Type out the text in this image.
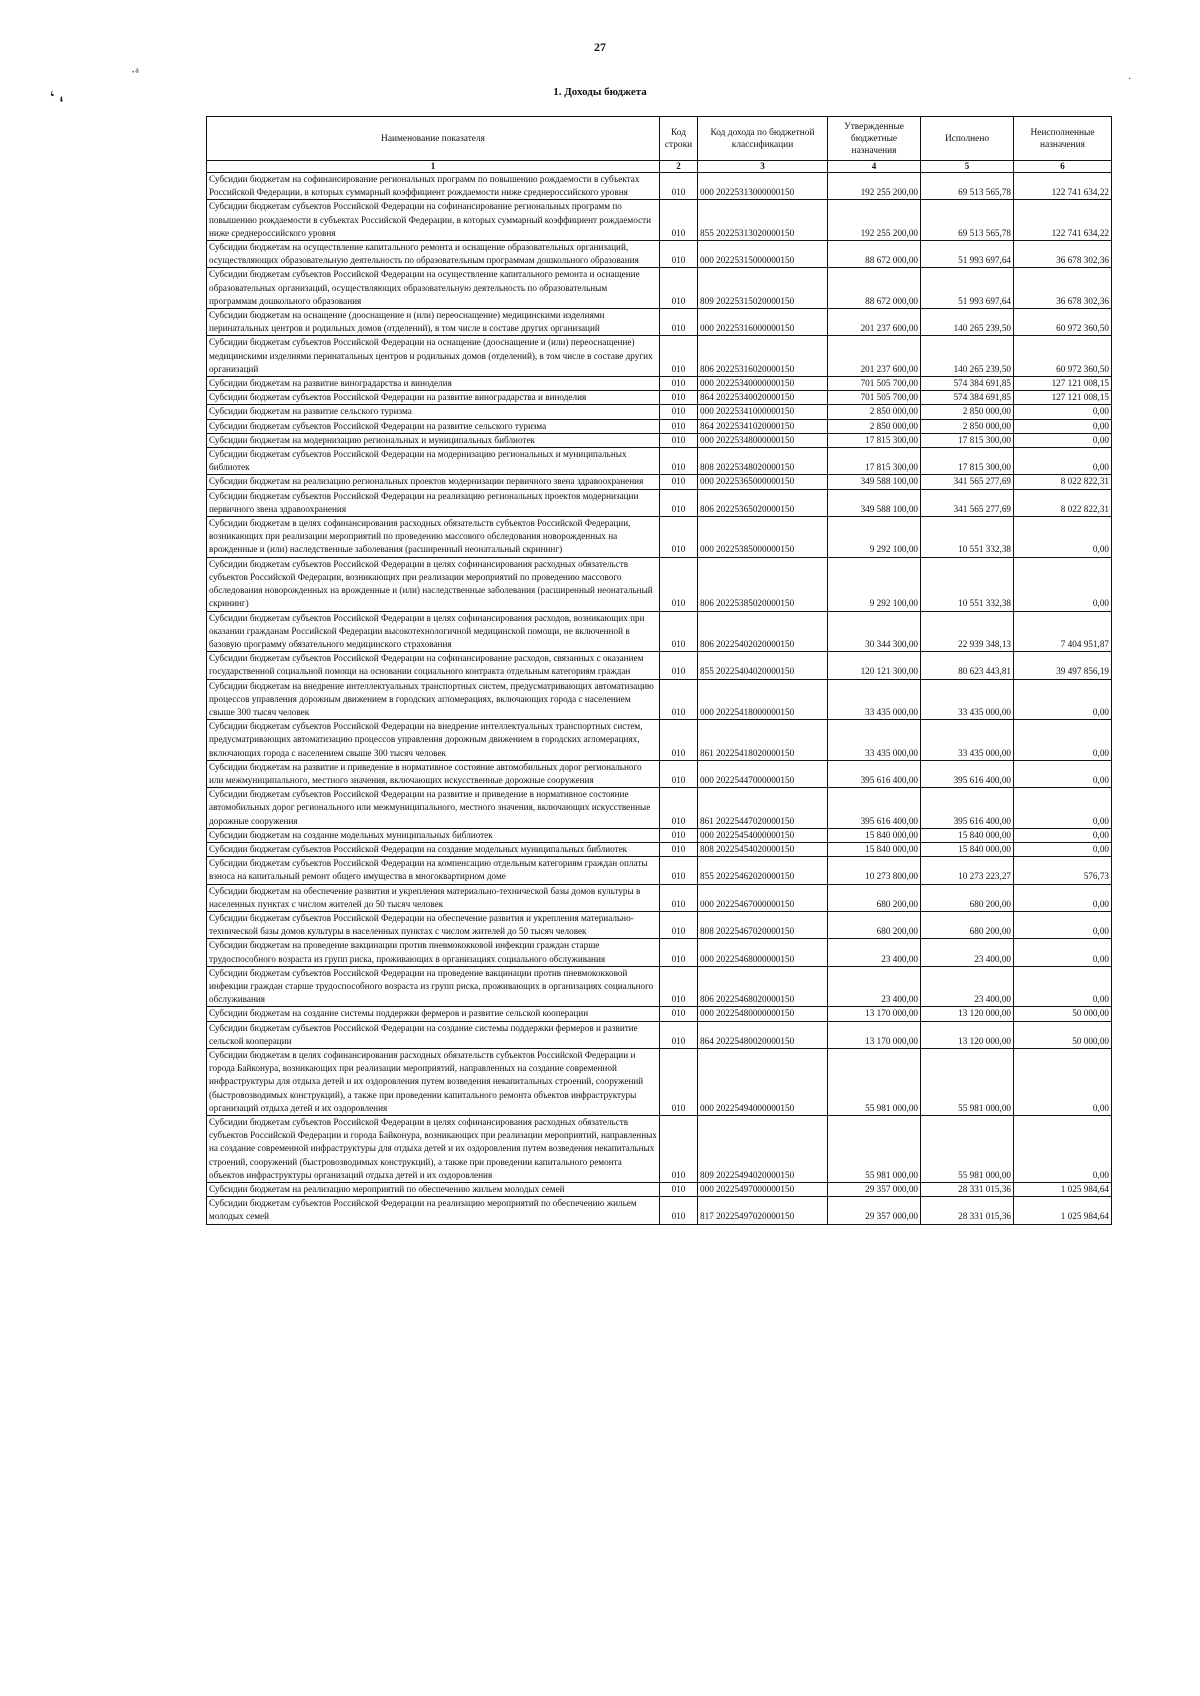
27
·ᵃ
ʻ،
·
1. Доходы бюджета
Наименование показателя	Код строки	Код дохода по бюджетной классификации	Утвержденные бюджетные назначения	Исполнено	Неисполненные назначения
1	2	3	4	5	6
Субсидии бюджетам на софинансирование региональных программ по повышению рождаемости в субъектах Российской Федерации, в которых суммарный коэффициент рождаемости ниже среднероссийского уровня	010	000 20225313000000150	192 255 200,00	69 513 565,78	122 741 634,22
Субсидии бюджетам субъектов Российской Федерации на софинансирование региональных программ по повышению рождаемости в субъектах Российской Федерации, в которых суммарный коэффициент рождаемости ниже среднероссийского уровня	010	855 20225313020000150	192 255 200,00	69 513 565,78	122 741 634,22
Субсидии бюджетам на осуществление капитального ремонта и оснащение образовательных организаций, осуществляющих образовательную деятельность по образовательным программам дошкольного образования	010	000 20225315000000150	88 672 000,00	51 993 697,64	36 678 302,36
Субсидии бюджетам субъектов Российской Федерации на осуществление капитального ремонта и оснащение образовательных организаций, осуществляющих образовательную деятельность по образовательным программам дошкольного образования	010	809 20225315020000150	88 672 000,00	51 993 697,64	36 678 302,36
Субсидии бюджетам на оснащение (дооснащение и (или) переоснащение) медицинскими изделиями перинатальных центров и родильных домов (отделений), в том числе в составе других организаций	010	000 20225316000000150	201 237 600,00	140 265 239,50	60 972 360,50
Субсидии бюджетам субъектов Российской Федерации на оснащение (дооснащение и (или) переоснащение) медицинскими изделиями перинатальных центров и родильных домов (отделений), в том числе в составе других организаций	010	806 20225316020000150	201 237 600,00	140 265 239,50	60 972 360,50
Субсидии бюджетам на развитие виноградарства и виноделия	010	000 20225340000000150	701 505 700,00	574 384 691,85	127 121 008,15
Субсидии бюджетам субъектов Российской Федерации на развитие виноградарства и виноделия	010	864 20225340020000150	701 505 700,00	574 384 691,85	127 121 008,15
Субсидии бюджетам на развитие сельского туризма	010	000 20225341000000150	2 850 000,00	2 850 000,00	0,00
Субсидии бюджетам субъектов Российской Федерации на развитие сельского туризма	010	864 20225341020000150	2 850 000,00	2 850 000,00	0,00
Субсидии бюджетам на модернизацию региональных и муниципальных библиотек	010	000 20225348000000150	17 815 300,00	17 815 300,00	0,00
Субсидии бюджетам субъектов Российской Федерации на модернизацию региональных и муниципальных библиотек	010	808 20225348020000150	17 815 300,00	17 815 300,00	0,00
Субсидии бюджетам на реализацию региональных проектов модернизации первичного звена здравоохранения	010	000 20225365000000150	349 588 100,00	341 565 277,69	8 022 822,31
Субсидии бюджетам субъектов Российской Федерации на реализацию региональных проектов модернизации первичного звена здравоохранения	010	806 20225365020000150	349 588 100,00	341 565 277,69	8 022 822,31
Субсидии бюджетам в целях софинансирования расходных обязательств субъектов Российской Федерации, возникающих при реализации мероприятий по проведению массового обследования новорожденных на врожденные и (или) наследственные заболевания (расширенный неонатальный скрининг)	010	000 20225385000000150	9 292 100,00	10 551 332,38	0,00
Субсидии бюджетам субъектов Российской Федерации в целях софинансирования расходных обязательств субъектов Российской Федерации, возникающих при реализации мероприятий по проведению массового обследования новорожденных на врожденные и (или) наследственные заболевания (расширенный неонатальный скрининг)	010	806 20225385020000150	9 292 100,00	10 551 332,38	0,00
Субсидии бюджетам субъектов Российской Федерации в целях софинансирования расходов, возникающих при оказании гражданам Российской Федерации высокотехнологичной медицинской помощи, не включенной в базовую программу обязательного медицинского страхования	010	806 20225402020000150	30 344 300,00	22 939 348,13	7 404 951,87
Субсидии бюджетам субъектов Российской Федерации на софинансирование расходов, связанных с оказанием государственной социальной помощи на основании социального контракта отдельным категориям граждан	010	855 20225404020000150	120 121 300,00	80 623 443,81	39 497 856,19
Субсидии бюджетам на внедрение интеллектуальных транспортных систем, предусматривающих автоматизацию процессов управления дорожным движением в городских агломерациях, включающих города с населением свыше 300 тысяч человек	010	000 20225418000000150	33 435 000,00	33 435 000,00	0,00
Субсидии бюджетам субъектов Российской Федерации на внедрение интеллектуальных транспортных систем, предусматривающих автоматизацию процессов управления дорожным движением в городских агломерациях, включающих города с населением свыше 300 тысяч человек	010	861 20225418020000150	33 435 000,00	33 435 000,00	0,00
Субсидии бюджетам на развитие и приведение в нормативное состояние автомобильных дорог регионального или межмуниципального, местного значения, включающих искусственные дорожные сооружения	010	000 20225447000000150	395 616 400,00	395 616 400,00	0,00
Субсидии бюджетам субъектов Российской Федерации на развитие и приведение в нормативное состояние автомобильных дорог регионального или межмуниципального, местного значения, включающих искусственные дорожные сооружения	010	861 20225447020000150	395 616 400,00	395 616 400,00	0,00
Субсидии бюджетам на создание модельных муниципальных библиотек	010	000 20225454000000150	15 840 000,00	15 840 000,00	0,00
Субсидии бюджетам субъектов Российской Федерации на создание модельных муниципальных библиотек	010	808 20225454020000150	15 840 000,00	15 840 000,00	0,00
Субсидии бюджетам субъектов Российской Федерации на компенсацию отдельным категориям граждан оплаты взноса на капитальный ремонт общего имущества в многоквартирном доме	010	855 20225462020000150	10 273 800,00	10 273 223,27	576,73
Субсидии бюджетам на обеспечение развития и укрепления материально-технической базы домов культуры в населенных пунктах с числом жителей до 50 тысяч человек	010	000 20225467000000150	680 200,00	680 200,00	0,00
Субсидии бюджетам субъектов Российской Федерации на обеспечение развития и укрепления материально-технической базы домов культуры в населенных пунктах с числом жителей до 50 тысяч человек	010	808 20225467020000150	680 200,00	680 200,00	0,00
Субсидии бюджетам на проведение вакцинации против пневмококковой инфекции граждан старше трудоспособного возраста из групп риска, проживающих в организациях социального обслуживания	010	000 20225468000000150	23 400,00	23 400,00	0,00
Субсидии бюджетам субъектов Российской Федерации на проведение вакцинации против пневмококковой инфекции граждан старше трудоспособного возраста из групп риска, проживающих в организациях социального обслуживания	010	806 20225468020000150	23 400,00	23 400,00	0,00
Субсидии бюджетам на создание системы поддержки фермеров и развитие сельской кооперации	010	000 20225480000000150	13 170 000,00	13 120 000,00	50 000,00
Субсидии бюджетам субъектов Российской Федерации на создание системы поддержки фермеров и развитие сельской кооперации	010	864 20225480020000150	13 170 000,00	13 120 000,00	50 000,00
Субсидии бюджетам в целях софинансирования расходных обязательств субъектов Российской Федерации и города Байконура, возникающих при реализации мероприятий, направленных на создание современной инфраструктуры для отдыха детей и их оздоровления путем возведения некапитальных строений, сооружений (быстровозводимых конструкций), а также при проведении капитального ремонта объектов инфраструктуры организаций отдыха детей и их оздоровления	010	000 20225494000000150	55 981 000,00	55 981 000,00	0,00
Субсидии бюджетам субъектов Российской Федерации в целях софинансирования расходных обязательств субъектов Российской Федерации и города Байконура, возникающих при реализации мероприятий, направленных на создание современной инфраструктуры для отдыха детей и их оздоровления путем возведения некапитальных строений, сооружений (быстровозводимых конструкций), а также при проведении капитального ремонта объектов инфраструктуры организаций отдыха детей и их оздоровления	010	809 20225494020000150	55 981 000,00	55 981 000,00	0,00
Субсидии бюджетам на реализацию мероприятий по обеспечению жильем молодых семей	010	000 20225497000000150	29 357 000,00	28 331 015,36	1 025 984,64
Субсидии бюджетам субъектов Российской Федерации на реализацию мероприятий по обеспечению жильем молодых семей	010	817 20225497020000150	29 357 000,00	28 331 015,36	1 025 984,64
